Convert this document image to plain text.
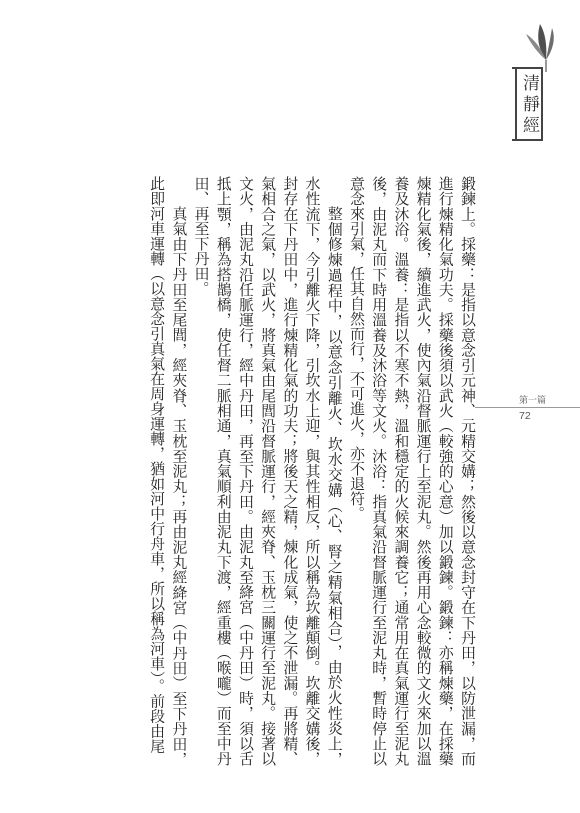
清靜經
第一篇
72

鍛鍊上。採藥：是指以意念引元神、元精交媾；然後以意念封守在下丹田，以防泄漏，而進行煉精化氣功夫。採藥後須以武火（較強的心意）加以鍛鍊。鍛鍊：亦稱煉藥，在採藥煉精化氣後，續進武火，使內氣沿督脈運行上至泥丸。然後再用心念較微的文火來加以溫養及沐浴。溫養：是指以不寒不熱，溫和穩定的火候來調養它；通常用在真氣運行至泥丸後，由泥丸而下時用溫養及沐浴等文火。沐浴：指真氣沿督脈運行至泥丸時，暫時停止以意念來引氣，任其自然而行，不可進火，亦不退符。

整個修煉過程中，以意念引離火、坎水交媾（心、腎之精氣相合），由於火性炎上，水性流下，今引離火下降，引坎水上迎，與其性相反，所以稱為坎離顛倒。坎離交媾後，封存在下丹田中，進行煉精化氣的功夫；將後天之精，煉化成氣，使之不泄漏。再將精、氣相合之氣，以武火，將真氣由尾閭沿督脈運行，經夾脊、玉枕三關運行至泥丸。接著以文火，由泥丸沿任脈運行，經中丹田，再至下丹田。由泥丸至絳宮（中丹田）時，須以舌抵上顎，稱為搭鵲橋，使任督二脈相通，真氣順利由泥丸下渡，經重樓（喉嚨）而至中丹田、再至下丹田。

真氣由下丹田至尾閭，經夾脊、玉枕至泥丸；再由泥丸經絳宮（中丹田）至下丹田，此即河車運轉（以意念引真氣在周身運轉，猶如河中行舟車，所以稱為河車）。前段由尾
